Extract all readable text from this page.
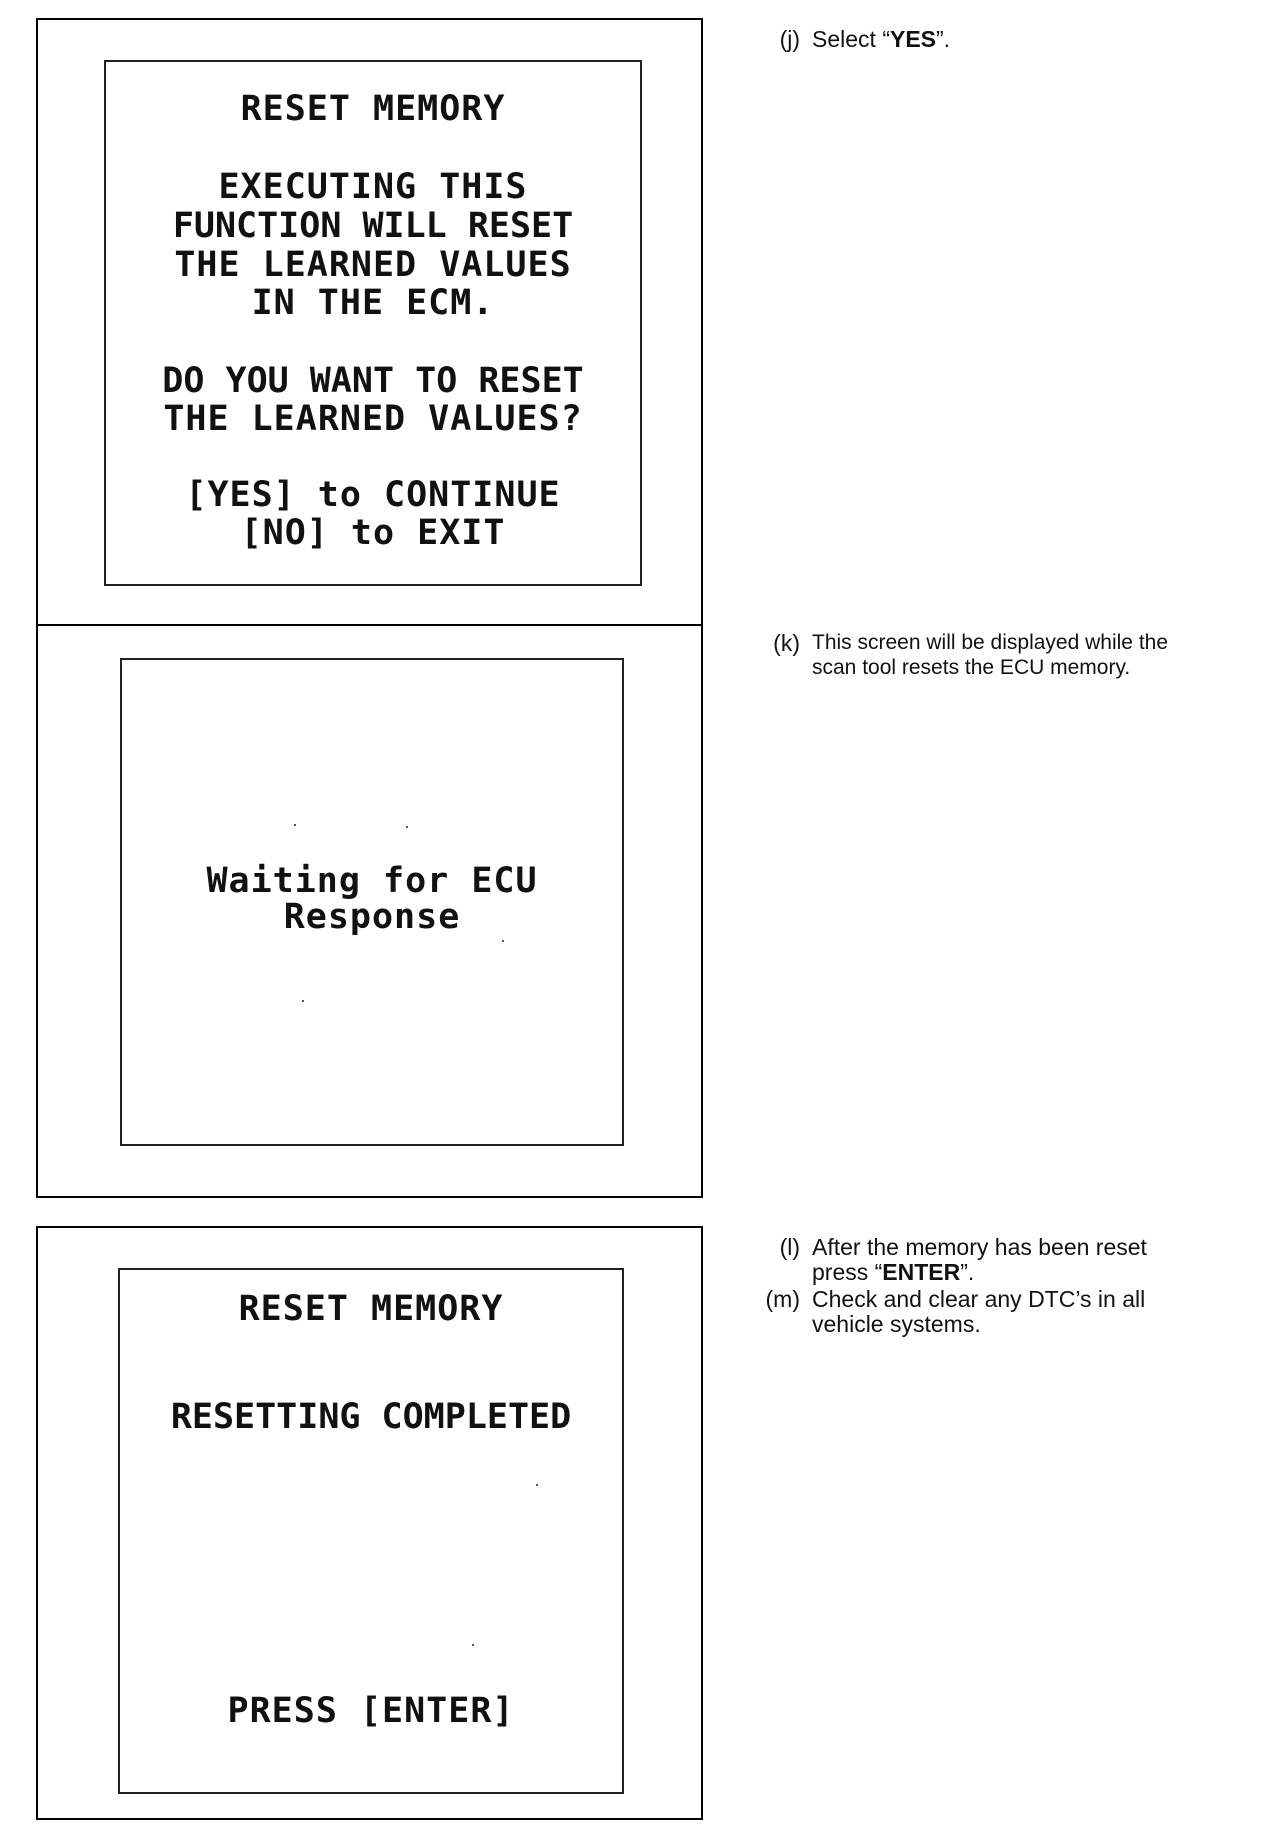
RESET MEMORY
EXECUTING THIS
FUNCTION WILL RESET
THE LEARNED VALUES
IN THE ECM.
DO YOU WANT TO RESET
THE LEARNED VALUES?
[YES] to CONTINUE
[NO] to EXIT
Waiting for ECU
Response
RESET MEMORY
RESETTING COMPLETED
PRESS [ENTER]
(j) Select “YES”.
(k) This screen will be displayed while the
scan tool resets the ECU memory.
(l) After the memory has been reset
press “ENTER”.
(m) Check and clear any DTC’s in all
vehicle systems.
